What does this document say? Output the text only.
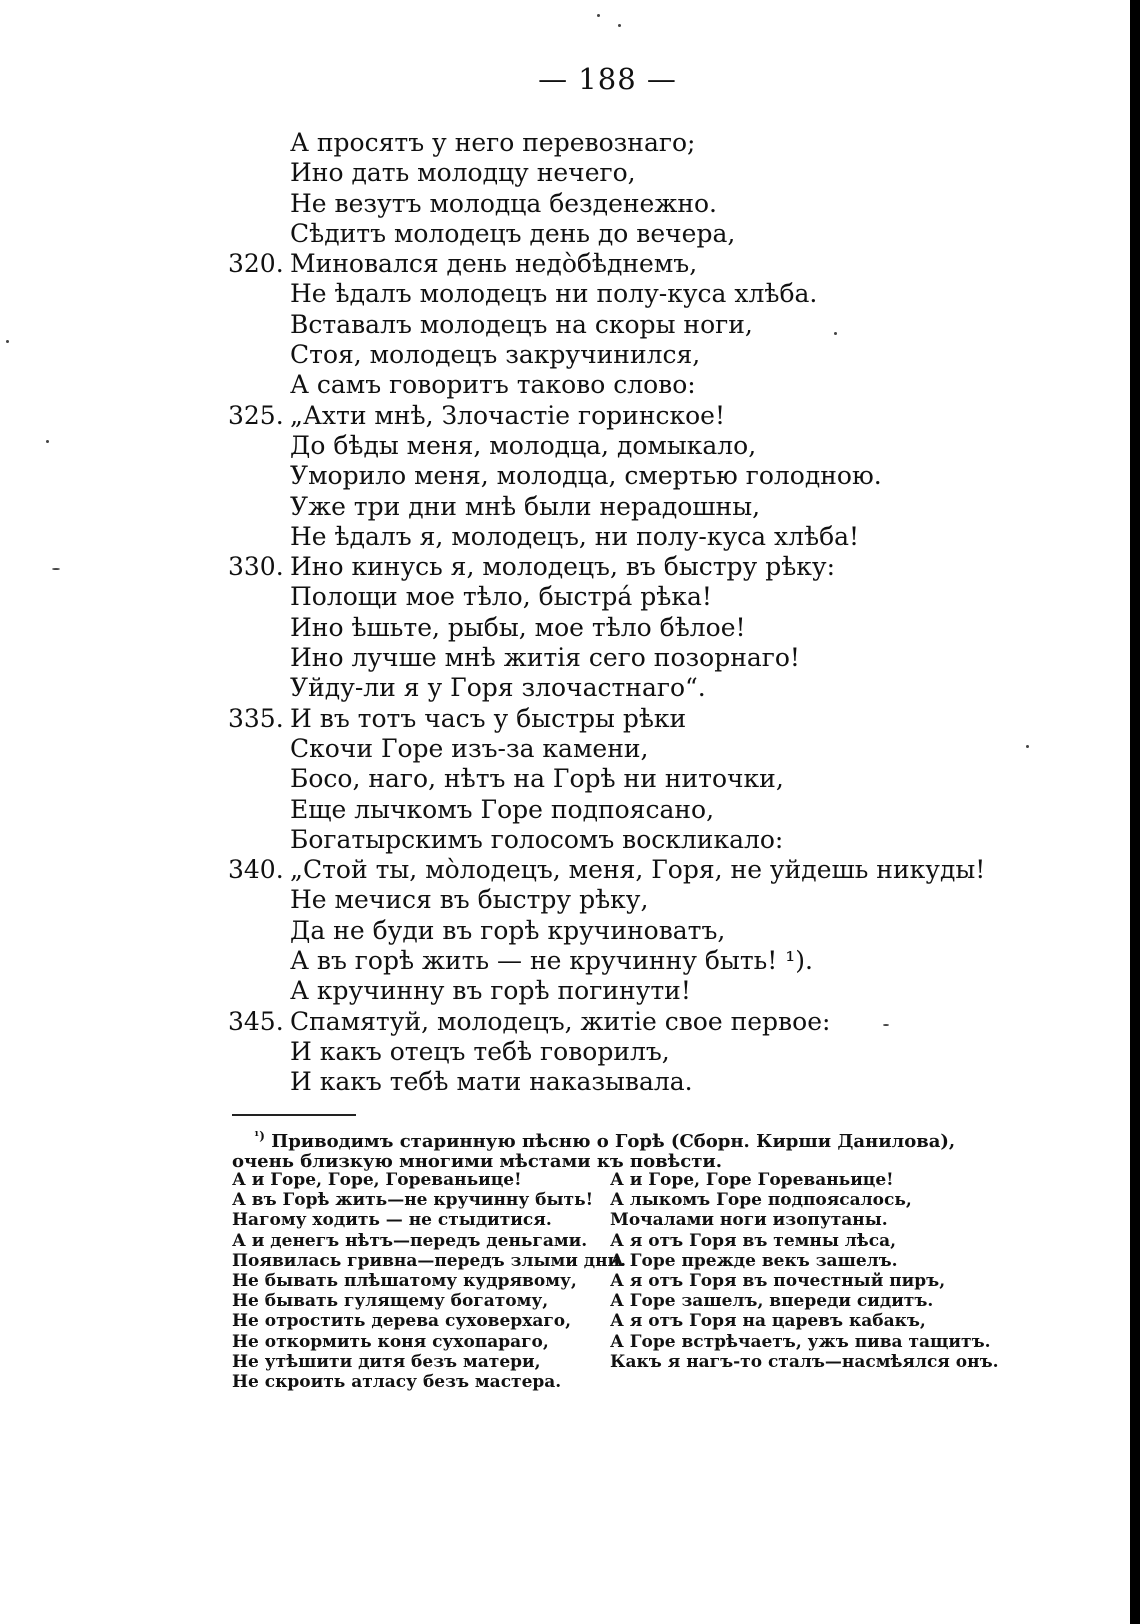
— 188 —
А просятъ у него перевознаго;
Ино дать молодцу нечего,
Не везутъ молодца безденежно.
Сѣдитъ молодецъ день до вечера,
320. Миновался день недо̀бѣднемъ,
Не ѣдалъ молодецъ ни полу-куса хлѣба.
Вставалъ молодецъ на скоры ноги,
Стоя, молодецъ закручинился,
А самъ говоритъ таково слово:
325. „Ахти мнѣ, Злочастіе горинское!
До бѣды меня, молодца, домыкало,
Уморило меня, молодца, смертью голодною.
Уже три дни мнѣ были нерадошны,
Не ѣдалъ я, молодецъ, ни полу-куса хлѣба!
330. Ино кинусь я, молодецъ, въ быстру рѣку:
Полощи мое тѣло, быстра́ рѣка!
Ино ѣшьте, рыбы, мое тѣло бѣлое!
Ино лучше мнѣ житія сего позорнаго!
Уйду-ли я у Горя злочастнаго“.
335. И въ тотъ часъ у быстры рѣки
Скочи Горе изъ-за камени,
Босо, наго, нѣтъ на Горѣ ни ниточки,
Еще лычкомъ Горе подпоясано,
Богатырскимъ голосомъ воскликало:
340. „Стой ты, мо̀лодецъ, меня, Горя, не уйдешь никуды!
Не мечися въ быстру рѣку,
Да не буди въ горѣ кручиноватъ,
А въ горѣ жить — не кручинну быть! ¹).
А кручинну въ горѣ погинути!
345. Спамятуй, молодецъ, житіе свое первое:
И какъ отецъ тебѣ говорилъ,
И какъ тебѣ мати наказывала.
$^{^1)}$ Приводимъ старинную пѣсню о Горѣ (Сборн. Кирши Данилова),
очень близкую многими мѣстами къ повѣсти.
А и Горе, Горе, Гореваньице!
А въ Горѣ жить—не кручинну быть!
Нагому ходить — не стыдитися.
А и денегъ нѣтъ—передъ деньгами.
Появилась гривна—передъ злыми дни.
Не бывать плѣшатому кудрявому,
Не бывать гулящему богатому,
Не отростить дерева суховерхаго,
Не откормить коня сухопараго,
Не утѣшити дитя безъ матери,
Не скроить атласу безъ мастера.
А и Горе, Горе Гореваньице!
А лыкомъ Горе подпоясалось,
Мочалами ноги изопутаны.
А я отъ Горя въ темны лѣса,
А Горе прежде векъ зашелъ.
А я отъ Горя въ почестный пиръ,
А Горе зашелъ, впереди сидитъ.
А я отъ Горя на царевъ кабакъ,
А Горе встрѣчаетъ, ужъ пива тащитъ.
Какъ я нагъ-то сталъ—насмѣялся онъ.
